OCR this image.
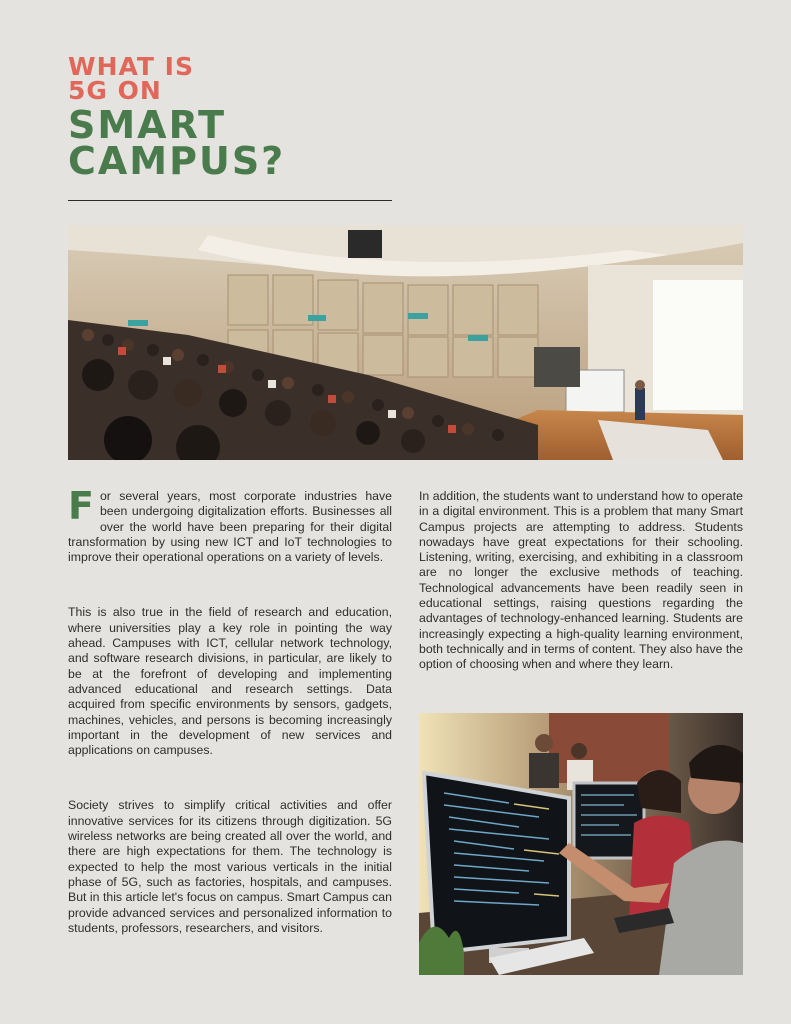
WHAT IS
5G ON
SMART
CAMPUS?

For several years, most corporate industries have been undergoing digitalization efforts. Businesses all over the world have been preparing for their digital transformation by using new ICT and IoT technologies to improve their operational operations on a variety of levels.

This is also true in the field of research and education, where universities play a key role in pointing the way ahead. Campuses with ICT, cellular network technology, and software research divisions, in particular, are likely to be at the forefront of developing and implementing advanced educational and research settings. Data acquired from specific environments by sensors, gadgets, machines, vehicles, and persons is becoming increasingly important in the development of new services and applications on campuses.

Society strives to simplify critical activities and offer innovative services for its citizens through digitization. 5G wireless networks are being created all over the world, and there are high expectations for them. The technology is expected to help the most various verticals in the initial phase of 5G, such as factories, hospitals, and campuses. But in this article let's focus on campus. Smart Campus can provide advanced services and personalized information to students, professors, researchers, and visitors.

In addition, the students want to understand how to operate in a digital environment. This is a problem that many Smart Campus projects are attempting to address. Students nowadays have great expectations for their schooling. Listening, writing, exercising, and exhibiting in a classroom are no longer the exclusive methods of teaching. Technological advancements have been readily seen in educational settings, raising questions regarding the advantages of technology-enhanced learning. Students are increasingly expecting a high-quality learning environment, both technically and in terms of content. They also have the option of choosing when and where they learn.
